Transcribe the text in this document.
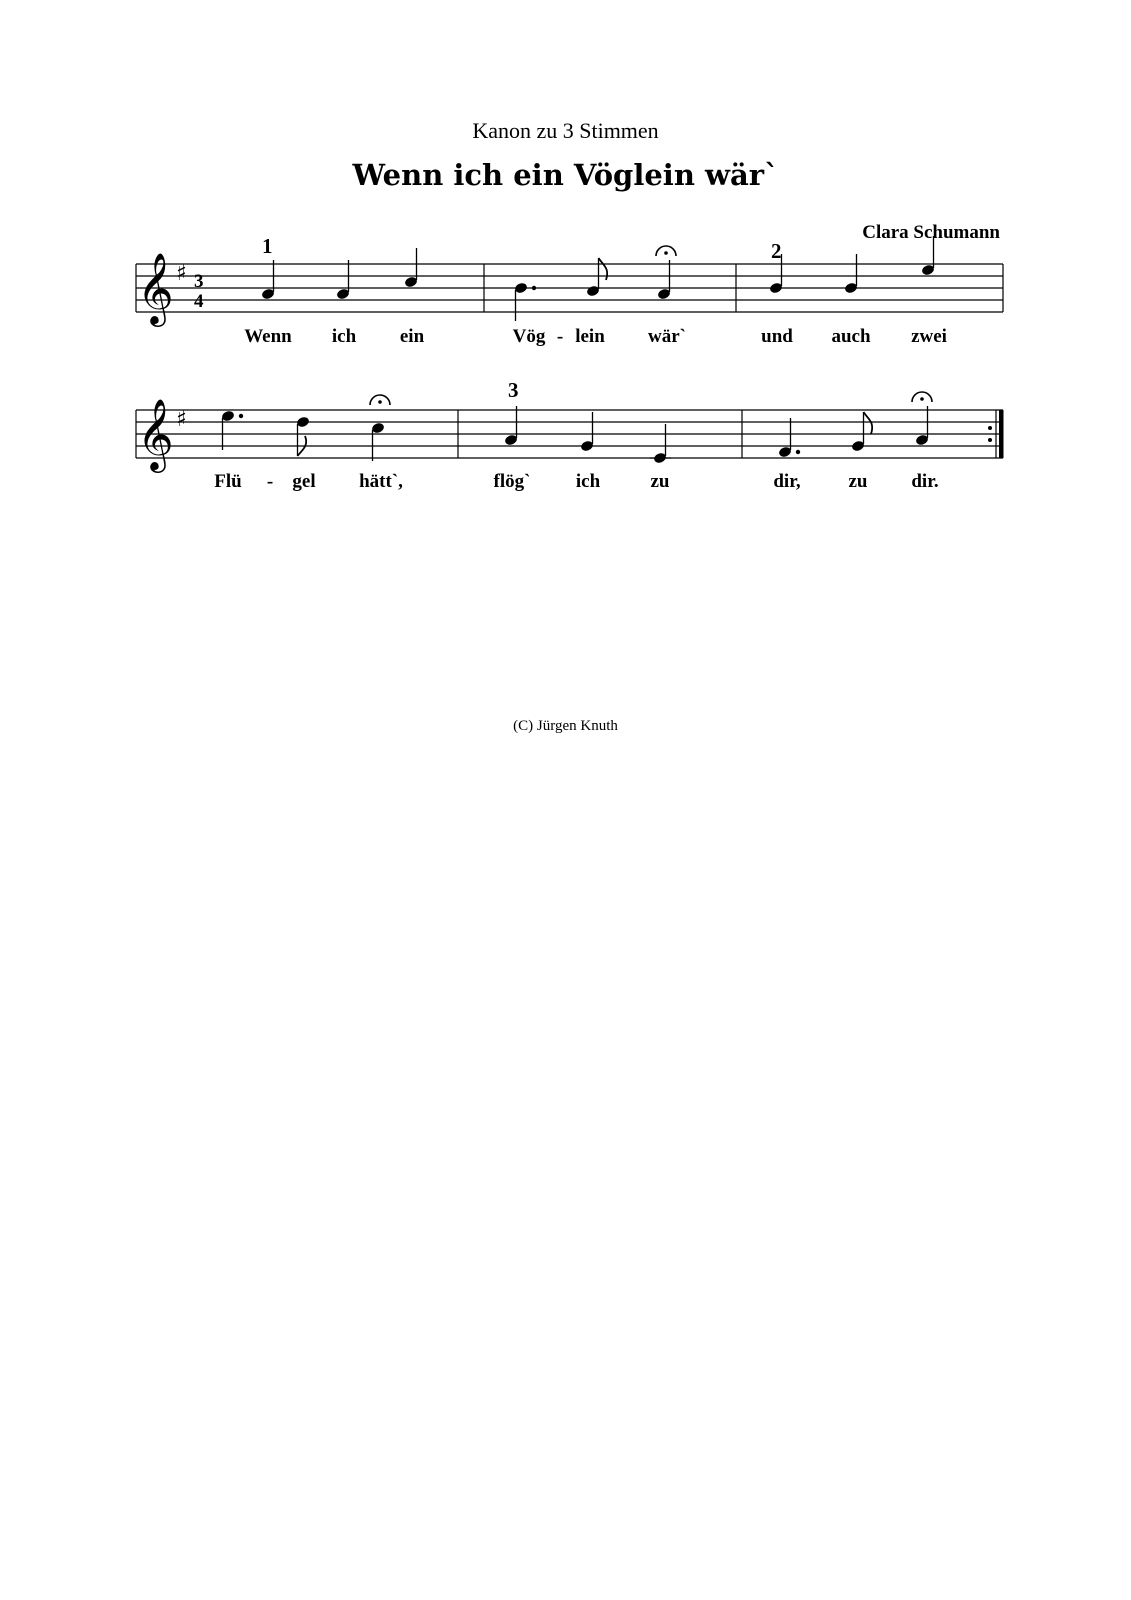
Kanon zu 3 Stimmen
Wenn ich ein Vöglein wär`
Clara Schumann
𝄞 ♯ 3
4
1	2
Wenn ich ein	Vög - lein wär`	und auch zwei
𝄞 ♯
3
Flü - gel hätt`,	flög` ich	zu	dir,	zu dir.
(C) Jürgen Knuth
